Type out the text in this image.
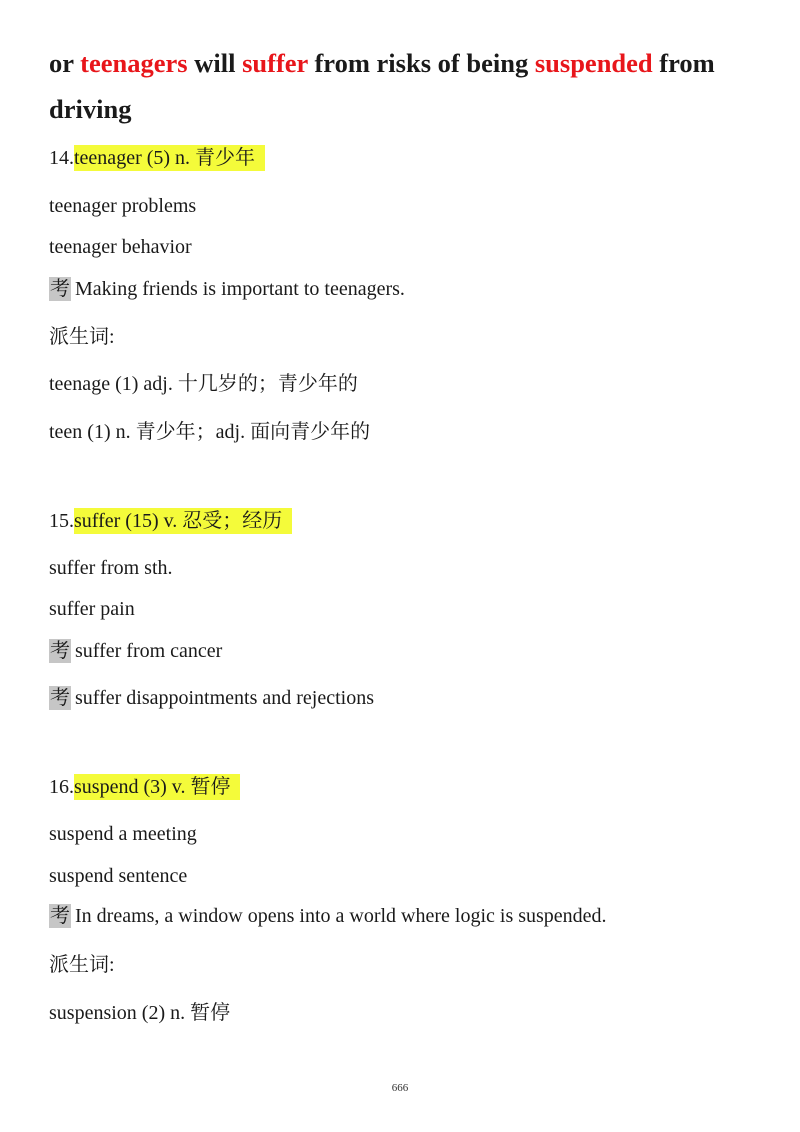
or teenagers will suffer from risks of being suspended from
driving
14.teenager (5) n. 青少年
teenager problems
teenager behavior
考 Making friends is important to teenagers.
派生词:
teenage (1) adj. 十几岁的；青少年的
teen (1) n. 青少年；adj. 面向青少年的
15.suffer (15) v. 忍受；经历
suffer from sth.
suffer pain
考 suffer from cancer
考 suffer disappointments and rejections
16.suspend (3) v. 暂停
suspend a meeting
suspend sentence
考 In dreams, a window opens into a world where logic is suspended.
派生词:
suspension (2) n. 暂停
666
